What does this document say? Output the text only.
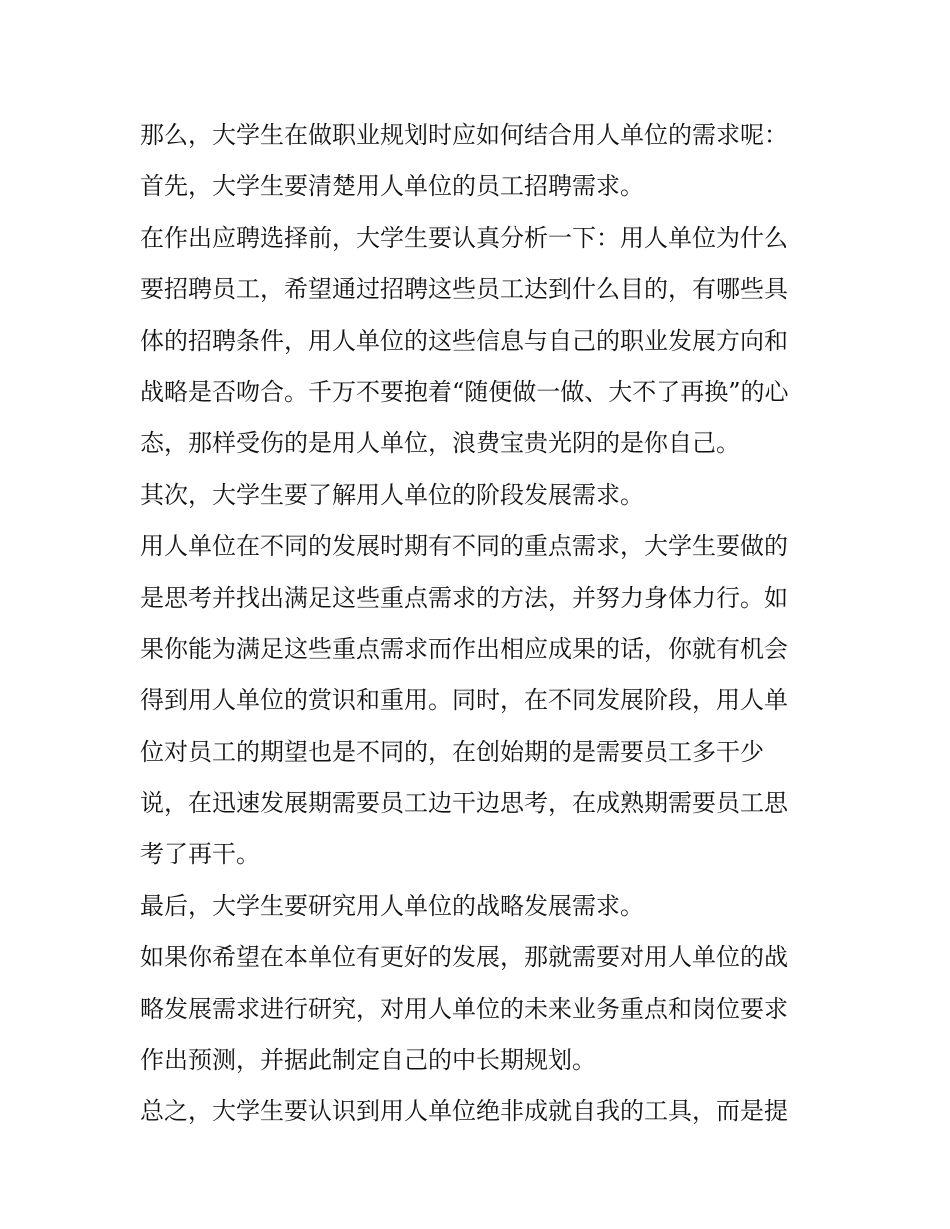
那么，大学生在做职业规划时应如何结合用人单位的需求呢：
首先，大学生要清楚用人单位的员工招聘需求。
在作出应聘选择前，大学生要认真分析一下：用人单位为什么
要招聘员工，希望通过招聘这些员工达到什么目的，有哪些具
体的招聘条件，用人单位的这些信息与自己的职业发展方向和
战略是否吻合。千万不要抱着“随便做一做、大不了再换”的心
态，那样受伤的是用人单位，浪费宝贵光阴的是你自己。
其次，大学生要了解用人单位的阶段发展需求。
用人单位在不同的发展时期有不同的重点需求，大学生要做的
是思考并找出满足这些重点需求的方法，并努力身体力行。如
果你能为满足这些重点需求而作出相应成果的话，你就有机会
得到用人单位的赏识和重用。同时，在不同发展阶段，用人单
位对员工的期望也是不同的，在创始期的是需要员工多干少
说，在迅速发展期需要员工边干边思考，在成熟期需要员工思
考了再干。
最后，大学生要研究用人单位的战略发展需求。
如果你希望在本单位有更好的发展，那就需要对用人单位的战
略发展需求进行研究，对用人单位的未来业务重点和岗位要求
作出预测，并据此制定自己的中长期规划。
总之，大学生要认识到用人单位绝非成就自我的工具，而是提
